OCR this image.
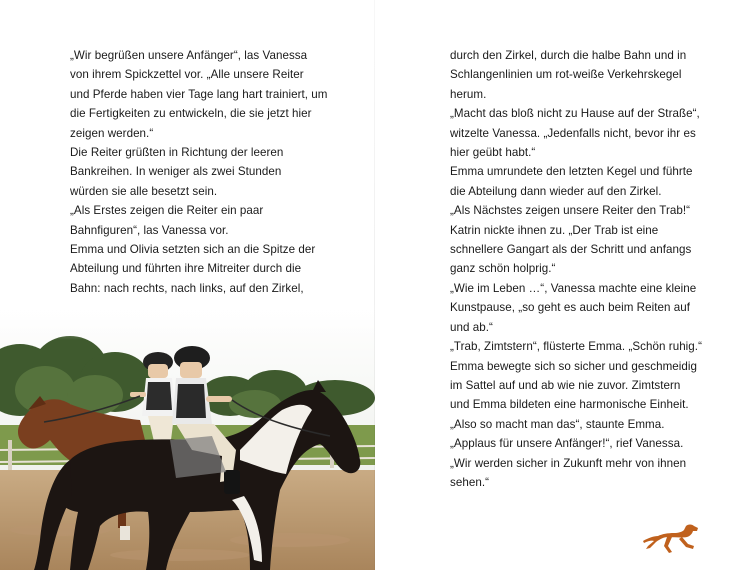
„Wir begrüßen unsere Anfänger“, las Vanessa
von ihrem Spickzettel vor. „Alle unsere Reiter
und Pferde haben vier Tage lang hart trainiert, um
die Fertigkeiten zu entwickeln, die sie jetzt hier
zeigen werden.“
Die Reiter grüßten in Richtung der leeren
Bankreihen. In weniger als zwei Stunden
würden sie alle besetzt sein.
„Als Erstes zeigen die Reiter ein paar
Bahnfiguren“, las Vanessa vor.
Emma und Olivia setzten sich an die Spitze der
Abteilung und führten ihre Mitreiter durch die
Bahn: nach rechts, nach links, auf den Zirkel,
durch den Zirkel, durch die halbe Bahn und in
Schlangenlinien um rot-weiße Verkehrskegel
herum.
„Macht das bloß nicht zu Hause auf der Straße“,
witzelte Vanessa. „Jedenfalls nicht, bevor ihr es
hier geübt habt.“
Emma umrundete den letzten Kegel und führte
die Abteilung dann wieder auf den Zirkel.
„Als Nächstes zeigen unsere Reiter den Trab!“
Katrin nickte ihnen zu. „Der Trab ist eine
schnellere Gangart als der Schritt und anfangs
ganz schön holprig.“
„Wie im Leben …“, Vanessa machte eine kleine
Kunstpause, „so geht es auch beim Reiten auf
und ab.“
„Trab, Zimtstern“, flüsterte Emma. „Schön ruhig.“
Emma bewegte sich so sicher und geschmeidig
im Sattel auf und ab wie nie zuvor. Zimtstern
und Emma bildeten eine harmonische Einheit.
„Also so macht man das“, staunte Emma.
„Applaus für unsere Anfänger!“, rief Vanessa.
„Wir werden sicher in Zukunft mehr von ihnen
sehen.“
